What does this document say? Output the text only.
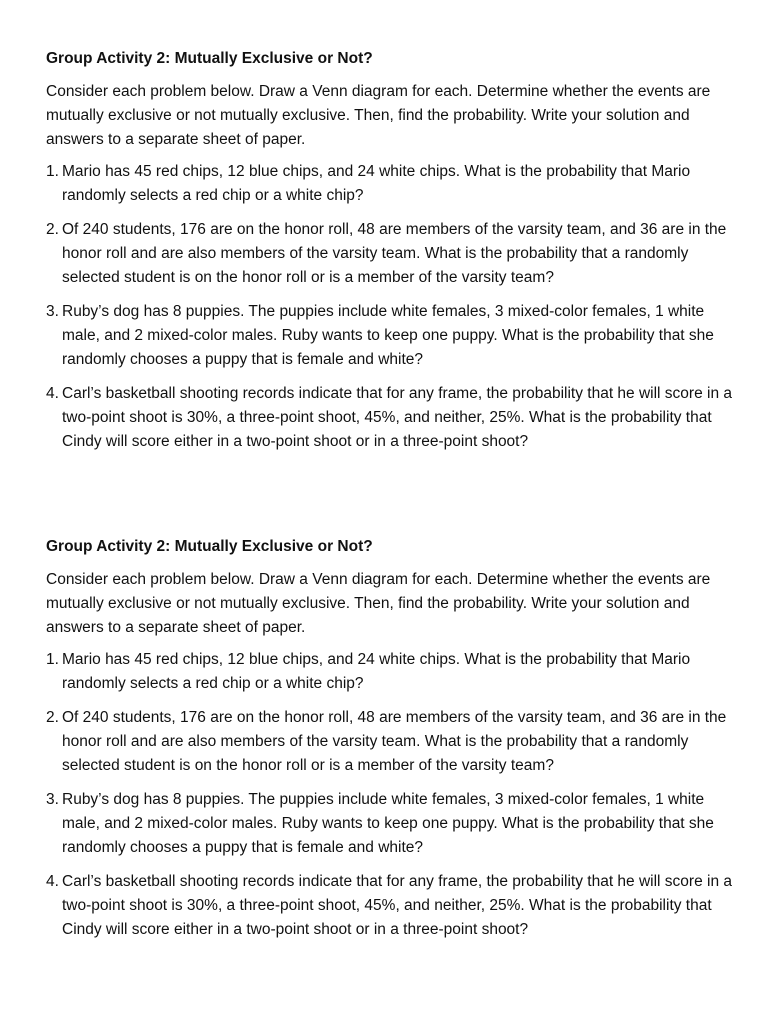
Group Activity 2: Mutually Exclusive or Not?
Consider each problem below. Draw a Venn diagram for each. Determine whether the events are mutually exclusive or not mutually exclusive. Then, find the probability. Write your solution and answers to a separate sheet of paper.
1. Mario has 45 red chips, 12 blue chips, and 24 white chips. What is the probability that Mario randomly selects a red chip or a white chip?
2. Of 240 students, 176 are on the honor roll, 48 are members of the varsity team, and 36 are in the honor roll and are also members of the varsity team. What is the probability that a randomly selected student is on the honor roll or is a member of the varsity team?
3. Ruby’s dog has 8 puppies. The puppies include white females, 3 mixed-color females, 1 white male, and 2 mixed-color males. Ruby wants to keep one puppy. What is the probability that she randomly chooses a puppy that is female and white?
4. Carl’s basketball shooting records indicate that for any frame, the probability that he will score in a two-point shoot is 30%, a three-point shoot, 45%, and neither, 25%. What is the probability that Cindy will score either in a two-point shoot or in a three-point shoot?
Group Activity 2: Mutually Exclusive or Not?
Consider each problem below. Draw a Venn diagram for each. Determine whether the events are mutually exclusive or not mutually exclusive. Then, find the probability. Write your solution and answers to a separate sheet of paper.
1. Mario has 45 red chips, 12 blue chips, and 24 white chips. What is the probability that Mario randomly selects a red chip or a white chip?
2. Of 240 students, 176 are on the honor roll, 48 are members of the varsity team, and 36 are in the honor roll and are also members of the varsity team. What is the probability that a randomly selected student is on the honor roll or is a member of the varsity team?
3. Ruby’s dog has 8 puppies. The puppies include white females, 3 mixed-color females, 1 white male, and 2 mixed-color males. Ruby wants to keep one puppy. What is the probability that she randomly chooses a puppy that is female and white?
4. Carl’s basketball shooting records indicate that for any frame, the probability that he will score in a two-point shoot is 30%, a three-point shoot, 45%, and neither, 25%. What is the probability that Cindy will score either in a two-point shoot or in a three-point shoot?
